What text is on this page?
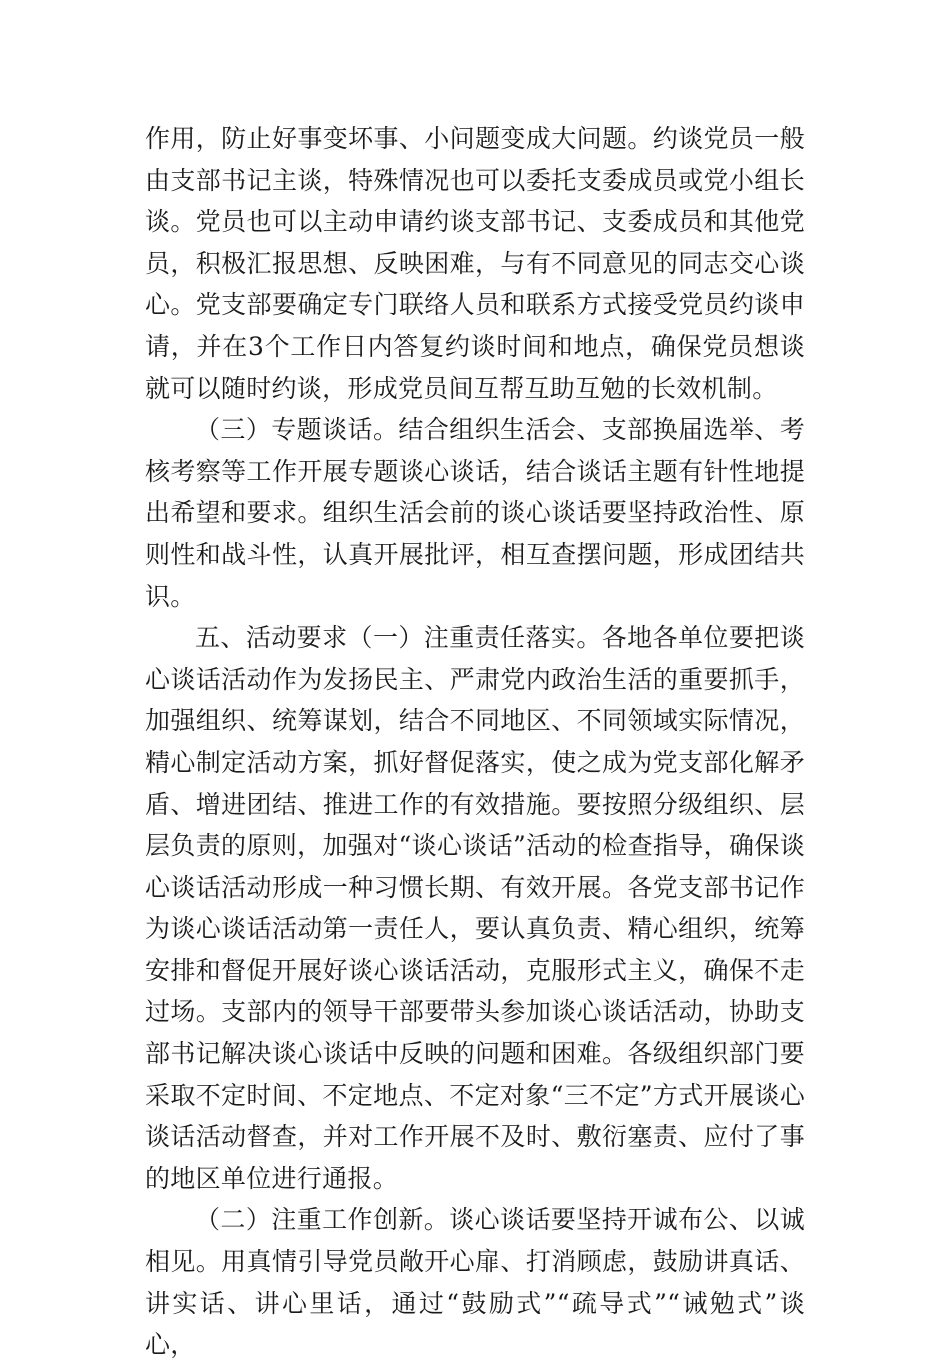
作用，防止好事变坏事、小问题变成大问题。约谈党员一般由支部书记主谈，特殊情况也可以委托支委成员或党小组长谈。党员也可以主动申请约谈支部书记、支委成员和其他党员，积极汇报思想、反映困难，与有不同意见的同志交心谈心。党支部要确定专门联络人员和联系方式接受党员约谈申请，并在3个工作日内答复约谈时间和地点，确保党员想谈就可以随时约谈，形成党员间互帮互助互勉的长效机制。

（三）专题谈话。结合组织生活会、支部换届选举、考核考察等工作开展专题谈心谈话，结合谈话主题有针性地提出希望和要求。组织生活会前的谈心谈话要坚持政治性、原则性和战斗性，认真开展批评，相互查摆问题，形成团结共识。

五、活动要求（一）注重责任落实。各地各单位要把谈心谈话活动作为发扬民主、严肃党内政治生活的重要抓手，加强组织、统筹谋划，结合不同地区、不同领域实际情况，精心制定活动方案，抓好督促落实，使之成为党支部化解矛盾、增进团结、推进工作的有效措施。要按照分级组织、层层负责的原则，加强对“谈心谈话”活动的检查指导，确保谈心谈话活动形成一种习惯长期、有效开展。各党支部书记作为谈心谈话活动第一责任人，要认真负责、精心组织，统筹安排和督促开展好谈心谈话活动，克服形式主义，确保不走过场。支部内的领导干部要带头参加谈心谈话活动，协助支部书记解决谈心谈话中反映的问题和困难。各级组织部门要采取不定时间、不定地点、不定对象“三不定”方式开展谈心谈话活动督查，并对工作开展不及时、敷衍塞责、应付了事的地区单位进行通报。

（二）注重工作创新。谈心谈话要坚持开诚布公、以诚相见。用真情引导党员敞开心扉、打消顾虑，鼓励讲真话、讲实话、讲心里话，通过“鼓励式”“疏导式”“诫勉式”谈心，
